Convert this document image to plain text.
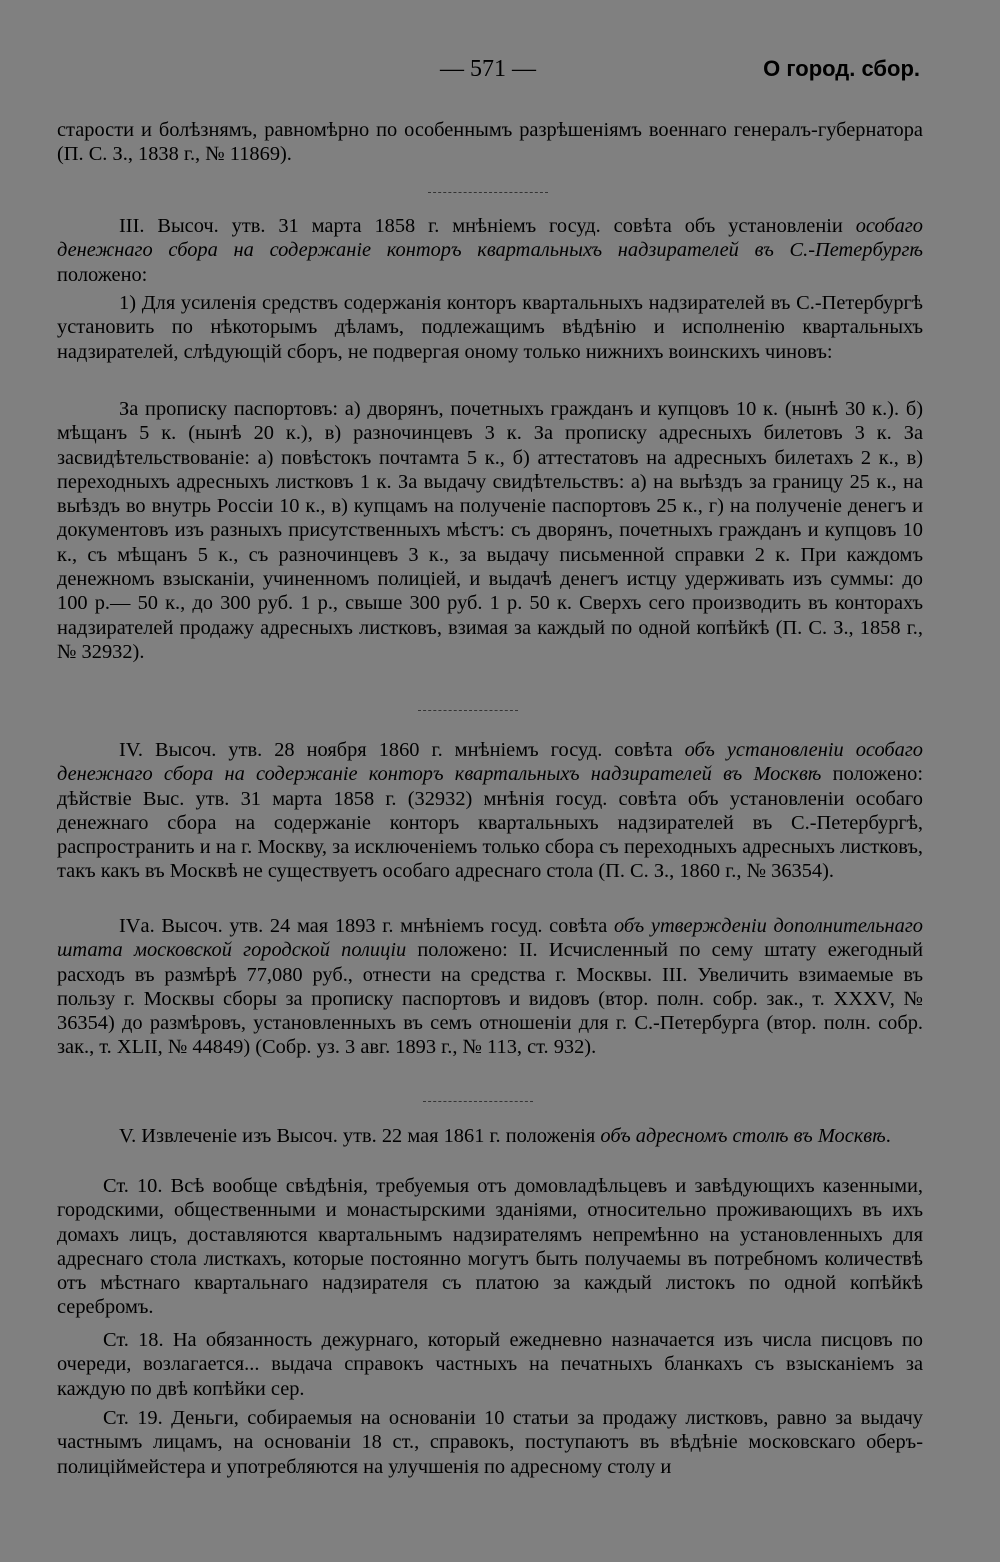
— 571 —	О город. сбор.

старости и болѣзнямъ, равномѣрно по особеннымъ разрѣшеніямъ военнаго генералъ-губернатора (П. С. З., 1838 г., № 11869).

III. Высоч. утв. 31 марта 1858 г. мнѣніемъ госуд. совѣта объ установленіи особаго денежнаго сбора на содержаніе конторъ квартальныхъ надзирателей въ С.-Петербургѣ положено:

1) Для усиленія средствъ содержанія конторъ квартальныхъ надзирателей въ С.-Петербургѣ установить по нѣкоторымъ дѣламъ, подлежащимъ вѣдѣнію и исполненію квартальныхъ надзирателей, слѣдующій сборъ, не подвергая оному только нижнихъ воинскихъ чиновъ:

За прописку паспортовъ: а) дворянъ, почетныхъ гражданъ и купцовъ 10 к. (нынѣ 30 к.). б) мѣщанъ 5 к. (нынѣ 20 к.), в) разночинцевъ 3 к. За прописку адресныхъ билетовъ 3 к. За засвидѣтельствованіе: а) повѣстокъ почтамта 5 к., б) аттестатовъ на адресныхъ билетахъ 2 к., в) переходныхъ адресныхъ листковъ 1 к. За выдачу свидѣтельствъ: а) на выѣздъ за границу 25 к., на выѣздъ во внутрь Россіи 10 к., в) купцамъ на полученіе паспортовъ 25 к., г) на полученіе денегъ и документовъ изъ разныхъ присутственныхъ мѣстъ: съ дворянъ, почетныхъ гражданъ и купцовъ 10 к., съ мѣщанъ 5 к., съ разночинцевъ 3 к., за выдачу письменной справки 2 к. При каждомъ денежномъ взысканіи, учиненномъ полиціей, и выдачѣ денегъ истцу удерживать изъ суммы: до 100 р.— 50 к., до 300 руб. 1 р., свыше 300 руб. 1 р. 50 к. Сверхъ сего производить въ конторахъ надзирателей продажу адресныхъ листковъ, взимая за каждый по одной копѣйкѣ (П. С. З., 1858 г., № 32932).

IV. Высоч. утв. 28 ноября 1860 г. мнѣніемъ госуд. совѣта объ установленіи особаго денежнаго сбора на содержаніе конторъ квартальныхъ надзирателей въ Москвѣ положено: дѣйствіе Выс. утв. 31 марта 1858 г. (32932) мнѣнія госуд. совѣта объ установленіи особаго денежнаго сбора на содержаніе конторъ квартальныхъ надзирателей въ С.-Петербургѣ, распространить и на г. Москву, за исключеніемъ только сбора съ переходныхъ адресныхъ листковъ, такъ какъ въ Москвѣ не существуетъ особаго адреснаго стола (П. С. З., 1860 г., № 36354).

IVа. Высоч. утв. 24 мая 1893 г. мнѣніемъ госуд. совѣта объ утвержденіи дополнительнаго штата московской городской полиціи положено: II. Исчисленный по сему штату ежегодный расходъ въ размѣрѣ 77,080 руб., отнести на средства г. Москвы. III. Увеличить взимаемые въ пользу г. Москвы сборы за прописку паспортовъ и видовъ (втор. полн. собр. зак., т. XXXV, № 36354) до размѣровъ, установленныхъ въ семъ отношеніи для г. С.-Петербурга (втор. полн. собр. зак., т. XLII, № 44849) (Собр. уз. 3 авг. 1893 г., № 113, ст. 932).

V. Извлеченіе изъ Высоч. утв. 22 мая 1861 г. положенія объ адресномъ столѣ въ Москвѣ.

Ст. 10. Всѣ вообще свѣдѣнія, требуемыя отъ домовладѣльцевъ и завѣдующихъ казенными, городскими, общественными и монастырскими зданіями, относительно проживающихъ въ ихъ домахъ лицъ, доставляются квартальнымъ надзирателямъ непремѣнно на установленныхъ для адреснаго стола листкахъ, которые постоянно могутъ быть получаемы въ потребномъ количествѣ отъ мѣстнаго квартальнаго надзирателя съ платою за каждый листокъ по одной копѣйкѣ серебромъ.

Ст. 18. На обязанность дежурнаго, который ежедневно назначается изъ числа писцовъ по очереди, возлагается... выдача справокъ частныхъ на печатныхъ бланкахъ съ взысканіемъ за каждую по двѣ копѣйки сер.

Ст. 19. Деньги, собираемыя на основаніи 10 статьи за продажу листковъ, равно за выдачу частнымъ лицамъ, на основаніи 18 ст., справокъ, поступаютъ въ вѣдѣніе московскаго оберъ-полиціймейстера и употребляются на улучшенія по адресному столу и
